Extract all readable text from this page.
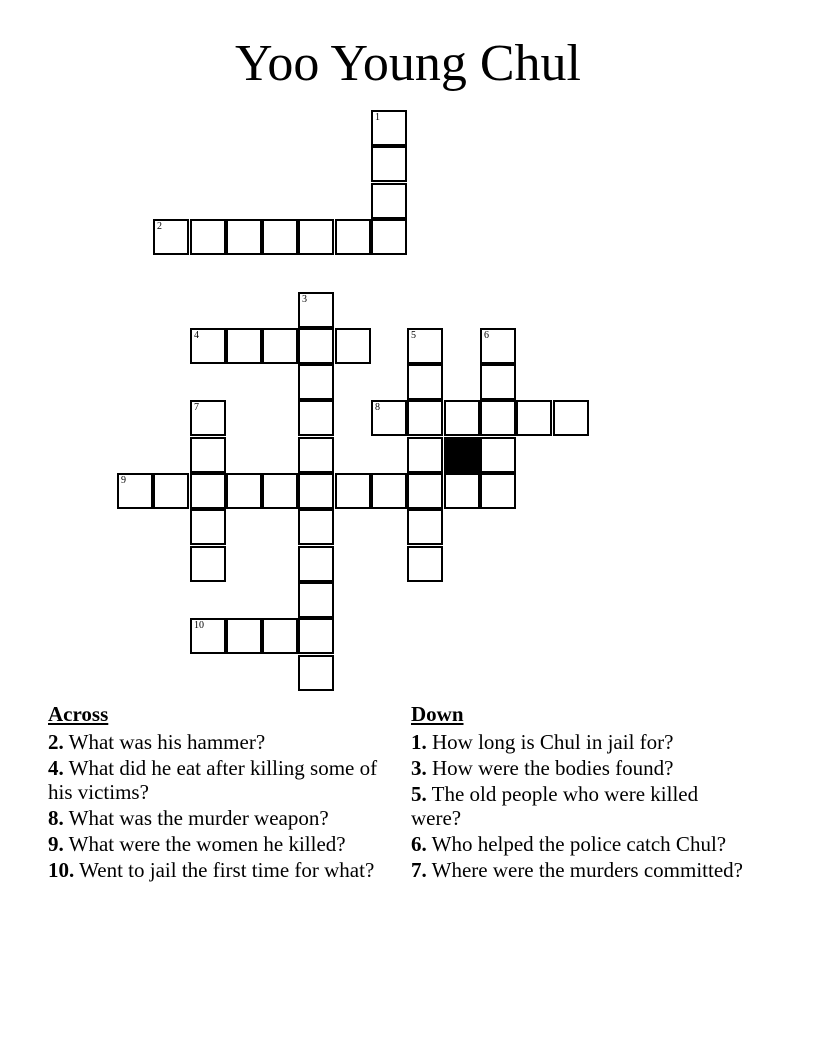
Yoo Young Chul
1
2
3
4	5	6
7	8
9
10
Across
2. What was his hammer?
4. What did he eat after killing some of his victims?
8. What was the murder weapon?
9. What were the women he killed?
10. Went to jail the first time for what?
Down
1. How long is Chul in jail for?
3. How were the bodies found?
5. The old people who were killed were?
6. Who helped the police catch Chul?
7. Where were the murders committed?
